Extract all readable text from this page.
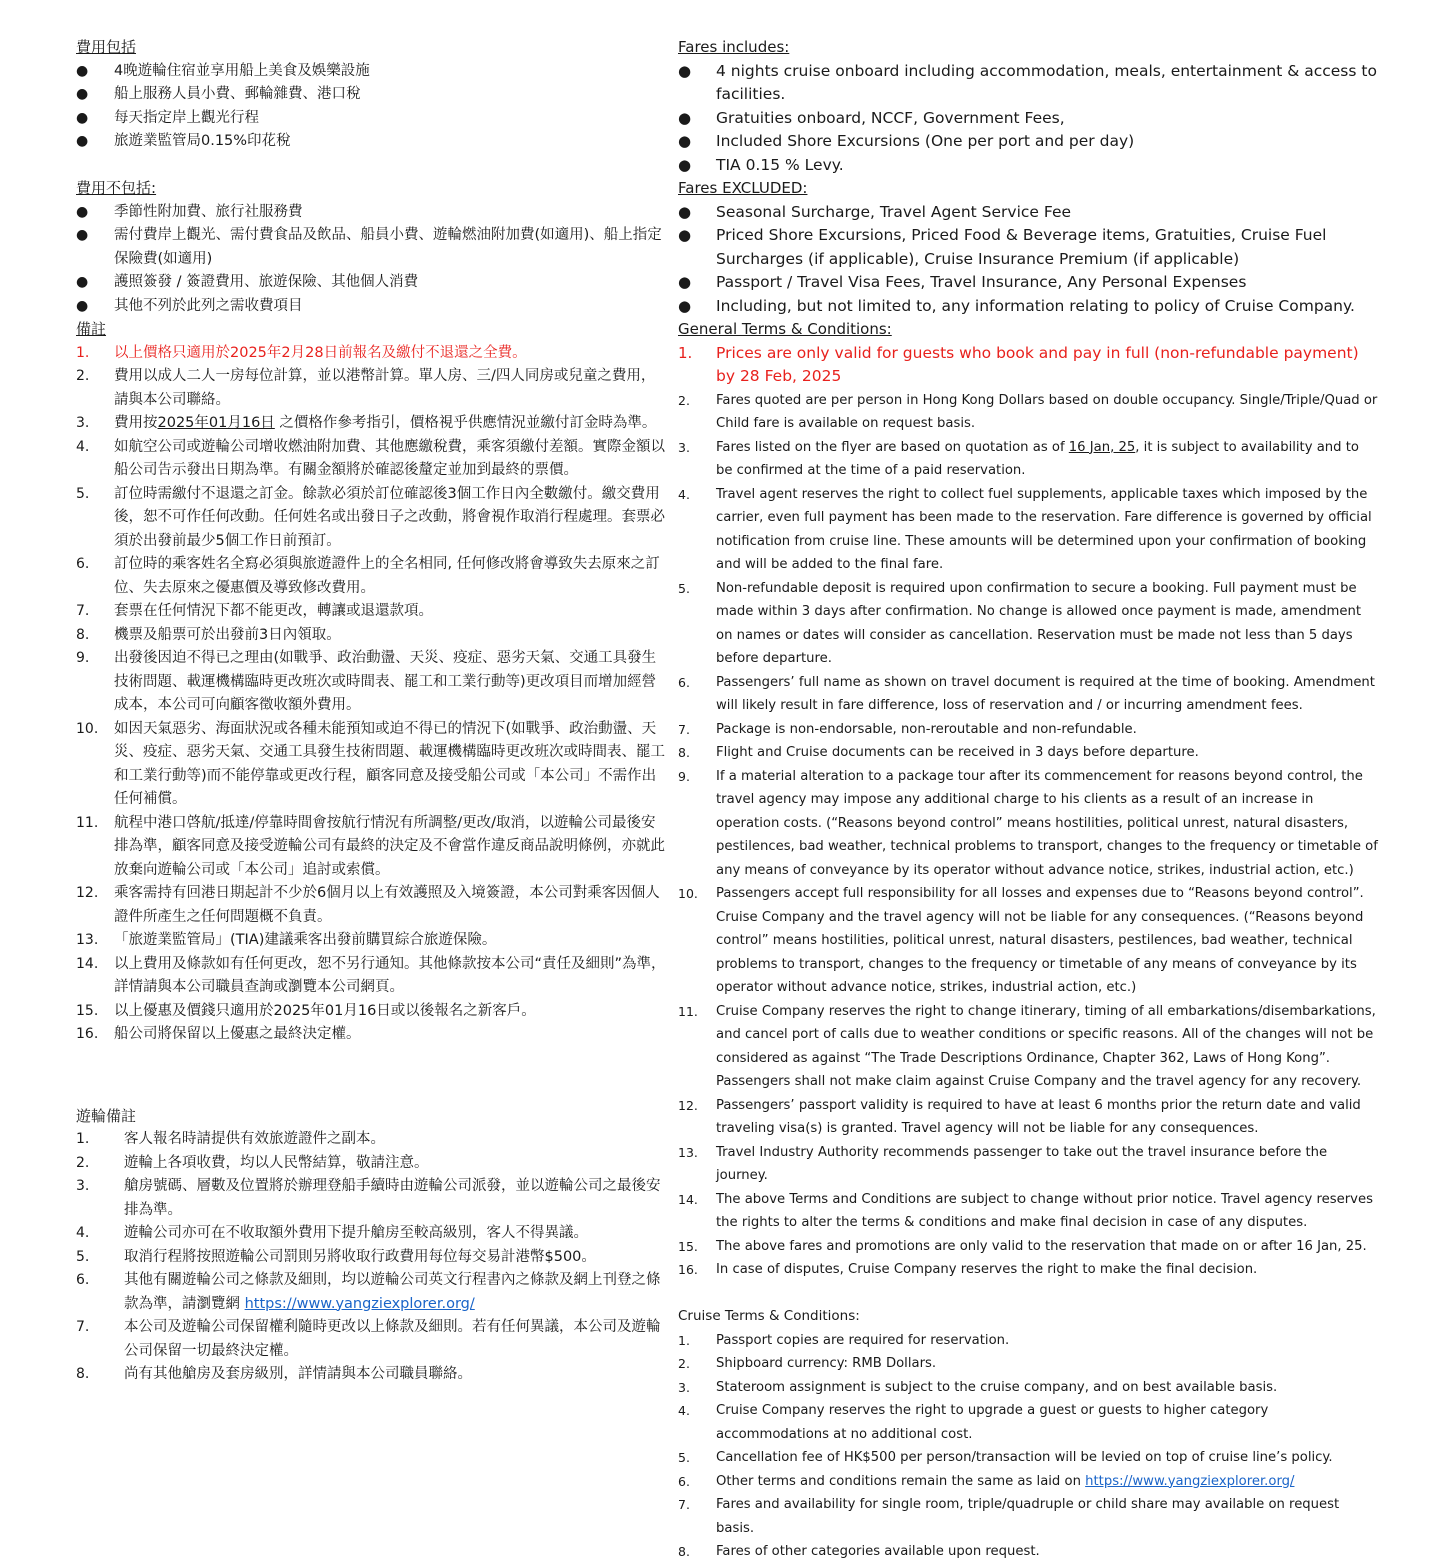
費用包括

● 4晚遊輪住宿並享用船上美食及娛樂設施
● 船上服務人員小費、郵輪雜費、港口稅
● 每天指定岸上觀光行程
● 旅遊業監管局0.15%印花稅

費用不包括:

● 季節性附加費、旅行社服務費
● 需付費岸上觀光、需付費食品及飲品、船員小費、遊輪燃油附加費(如適用)、船上指定保險費(如適用)
● 護照簽發 / 簽證費用、旅遊保險、其他個人消費
● 其他不列於此列之需收費項目

備註

1. 以上價格只適用於2025年2月28日前報名及繳付不退還之全費。
2. 費用以成人二人一房每位計算，並以港幣計算。單人房、三/四人同房或兒童之費用，請與本公司聯絡。
3. 費用按2025年01月16日 之價格作參考指引，價格視乎供應情況並繳付訂金時為準。
4. 如航空公司或遊輪公司增收燃油附加費、其他應繳稅費，乘客須繳付差額。實際金額以船公司告示發出日期為準。有關金額將於確認後釐定並加到最終的票價。
5. 訂位時需繳付不退還之訂金。餘款必須於訂位確認後3個工作日內全數繳付。繳交費用後，恕不可作任何改動。任何姓名或出發日子之改動，將會視作取消行程處理。套票必須於出發前最少5個工作日前預訂。
6. 訂位時的乘客姓名全寫必須與旅遊證件上的全名相同, 任何修改將會導致失去原來之訂位、失去原來之優惠價及導致修改費用。
7. 套票在任何情況下都不能更改，轉讓或退還款項。
8. 機票及船票可於出發前3日內領取。
9. 出發後因迫不得已之理由(如戰爭、政治動盪、天災、疫症、惡劣天氣、交通工具發生技術問題、載運機構臨時更改班次或時間表、罷工和工業行動等)更改項目而增加經營成本，本公司可向顧客徵收額外費用。
10. 如因天氣惡劣、海面狀況或各種未能預知或迫不得已的情況下(如戰爭、政治動盪、天災、疫症、惡劣天氣、交通工具發生技術問題、載運機構臨時更改班次或時間表、罷工和工業行動等)而不能停靠或更改行程，顧客同意及接受船公司或「本公司」不需作出任何補償。
11. 航程中港口啓航/抵達/停靠時間會按航行情況有所調整/更改/取消，以遊輪公司最後安排為準，顧客同意及接受遊輪公司有最終的決定及不會當作違反商品說明條例，亦就此放棄向遊輪公司或「本公司」追討或索償。
12. 乘客需持有回港日期起計不少於6個月以上有效護照及入境簽證，本公司對乘客因個人證件所產生之任何問題概不負責。
13. 「旅遊業監管局」(TIA)建議乘客出發前購買綜合旅遊保險。
14. 以上費用及條款如有任何更改，恕不另行通知。其他條款按本公司“責任及細則”為準，詳情請與本公司職員查詢或瀏覽本公司網頁。
15. 以上優惠及價錢只適用於2025年01月16日或以後報名之新客戶。
16. 船公司將保留以上優惠之最終決定權。

遊輪備註

1. 客人報名時請提供有效旅遊證件之副本。
2. 遊輪上各項收費，均以人民幣結算，敬請注意。
3. 艙房號碼、層數及位置將於辦理登船手續時由遊輪公司派發，並以遊輪公司之最後安排為準。
4. 遊輪公司亦可在不收取額外費用下提升艙房至較高級別，客人不得異議。
5. 取消行程將按照遊輪公司罰則另將收取行政費用每位每交易計港幣$500。
6. 其他有關遊輪公司之條款及細則，均以遊輪公司英文行程書內之條款及網上刊登之條款為準，請瀏覽網 https://www.yangziexplorer.org/
7. 本公司及遊輪公司保留權利隨時更改以上條款及細則。若有任何異議，本公司及遊輪公司保留一切最終決定權。
8. 尚有其他艙房及套房級別，詳情請與本公司職員聯絡。

Fares includes:

● 4 nights cruise onboard including accommodation, meals, entertainment & access to facilities.
● Gratuities onboard, NCCF, Government Fees,
● Included Shore Excursions (One per port and per day)
● TIA 0.15 % Levy.

Fares EXCLUDED:

● Seasonal Surcharge, Travel Agent Service Fee
● Priced Shore Excursions, Priced Food & Beverage items, Gratuities, Cruise Fuel Surcharges (if applicable), Cruise Insurance Premium (if applicable)
● Passport / Travel Visa Fees, Travel Insurance, Any Personal Expenses
● Including, but not limited to, any information relating to policy of Cruise Company.

General Terms & Conditions:

1. Prices are only valid for guests who book and pay in full (non-refundable payment) by 28 Feb, 2025
2. Fares quoted are per person in Hong Kong Dollars based on double occupancy. Single/Triple/Quad or Child fare is available on request basis.
3. Fares listed on the flyer are based on quotation as of 16 Jan, 25, it is subject to availability and to be confirmed at the time of a paid reservation.
4. Travel agent reserves the right to collect fuel supplements, applicable taxes which imposed by the carrier, even full payment has been made to the reservation. Fare difference is governed by official notification from cruise line. These amounts will be determined upon your confirmation of booking and will be added to the final fare.
5. Non-refundable deposit is required upon confirmation to secure a booking. Full payment must be made within 3 days after confirmation. No change is allowed once payment is made, amendment on names or dates will consider as cancellation. Reservation must be made not less than 5 days before departure.
6. Passengers’ full name as shown on travel document is required at the time of booking. Amendment will likely result in fare difference, loss of reservation and / or incurring amendment fees.
7. Package is non-endorsable, non-reroutable and non-refundable.
8. Flight and Cruise documents can be received in 3 days before departure.
9. If a material alteration to a package tour after its commencement for reasons beyond control, the travel agency may impose any additional charge to his clients as a result of an increase in operation costs. (“Reasons beyond control” means hostilities, political unrest, natural disasters, pestilences, bad weather, technical problems to transport, changes to the frequency or timetable of any means of conveyance by its operator without advance notice, strikes, industrial action, etc.)
10. Passengers accept full responsibility for all losses and expenses due to “Reasons beyond control”. Cruise Company and the travel agency will not be liable for any consequences. (“Reasons beyond control” means hostilities, political unrest, natural disasters, pestilences, bad weather, technical problems to transport, changes to the frequency or timetable of any means of conveyance by its operator without advance notice, strikes, industrial action, etc.)
11. Cruise Company reserves the right to change itinerary, timing of all embarkations/disembarkations, and cancel port of calls due to weather conditions or specific reasons. All of the changes will not be considered as against “The Trade Descriptions Ordinance, Chapter 362, Laws of Hong Kong”. Passengers shall not make claim against Cruise Company and the travel agency for any recovery.
12. Passengers’ passport validity is required to have at least 6 months prior the return date and valid traveling visa(s) is granted. Travel agency will not be liable for any consequences.
13. Travel Industry Authority recommends passenger to take out the travel insurance before the journey.
14. The above Terms and Conditions are subject to change without prior notice. Travel agency reserves the rights to alter the terms & conditions and make final decision in case of any disputes.
15. The above fares and promotions are only valid to the reservation that made on or after 16 Jan, 25.
16. In case of disputes, Cruise Company reserves the right to make the final decision.

Cruise Terms & Conditions:

1. Passport copies are required for reservation.
2. Shipboard currency: RMB Dollars.
3. Stateroom assignment is subject to the cruise company, and on best available basis.
4. Cruise Company reserves the right to upgrade a guest or guests to higher category accommodations at no additional cost.
5. Cancellation fee of HK$500 per person/transaction will be levied on top of cruise line’s policy.
6. Other terms and conditions remain the same as laid on https://www.yangziexplorer.org/
7. Fares and availability for single room, triple/quadruple or child share may available on request basis.
8. Fares of other categories available upon request.
